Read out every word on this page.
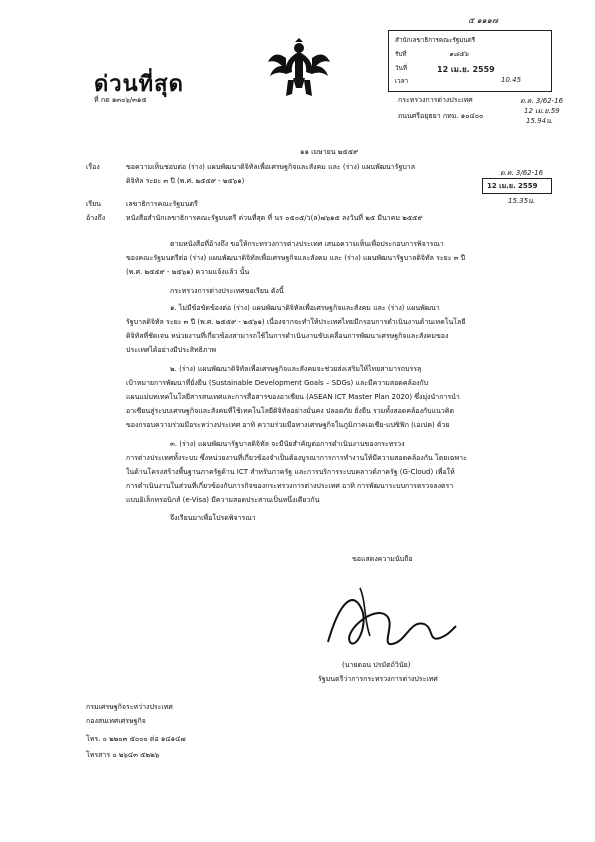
๕ ๑๑๑๗
สำนักเลขาธิการคณะรัฐมนตรี
รับที่	๑๘๕๖
วันที่	12 เม.ย. 2559
เวลา	10.45
ด่วนที่สุด
ที่ กต ๑๓๐๖/๓๑๕	กระทรวงการต่างประเทศ
ถนนศรีอยุธยา กทม. ๑๐๔๐๐
ต.ค. 3/62-16
12 เม.ย.59
15.94น.
๑๑ เมษายน ๒๕๕๙
เรื่อง	ขอความเห็นชอบต่อ (ร่าง) แผนพัฒนาดิจิทัลเพื่อเศรษฐกิจและสังคม และ (ร่าง) แผนพัฒนารัฐบาล
ดิจิทัล ระยะ ๓ ปี (พ.ศ. ๒๕๕๙ - ๒๕๖๑)
ต.ค. 3/62-16
12 เม.ย. 2559
15.35น.
เรียน	เลขาธิการคณะรัฐมนตรี
อ้างถึง	หนังสือสำนักเลขาธิการคณะรัฐมนตรี ด่วนที่สุด ที่ นร ๐๕๐๕/ว(ล)๗๖๑๕ ลงวันที่ ๒๕ มีนาคม ๒๕๕๙
ตามหนังสือที่อ้างถึง ขอให้กระทรวงการต่างประเทศ เสนอความเห็นเพื่อประกอบการพิจารณา
ของคณะรัฐมนตรีต่อ (ร่าง) แผนพัฒนาดิจิทัลเพื่อเศรษฐกิจและสังคม และ (ร่าง) แผนพัฒนารัฐบาลดิจิทัล ระยะ ๓ ปี
(พ.ศ. ๒๕๕๙ - ๒๕๖๑) ความแจ้งแล้ว นั้น
กระทรวงการต่างประเทศขอเรียน ดังนี้
๑. ไม่มีข้อขัดข้องต่อ (ร่าง) แผนพัฒนาดิจิทัลเพื่อเศรษฐกิจและสังคม และ (ร่าง) แผนพัฒนา
รัฐบาลดิจิทัล ระยะ ๓ ปี (พ.ศ. ๒๕๕๙ - ๒๕๖๑) เนื่องจากจะทำให้ประเทศไทยมีกรอบการดำเนินงานด้านเทคโนโลยี
ดิจิทัลที่ชัดเจน หน่วยงานที่เกี่ยวข้องสามารถใช้ในการดำเนินงานขับเคลื่อนการพัฒนาเศรษฐกิจและสังคมของ
ประเทศได้อย่างมีประสิทธิภาพ
๒. (ร่าง) แผนพัฒนาดิจิทัลเพื่อเศรษฐกิจและสังคมจะช่วยส่งเสริมให้ไทยสามารถบรรลุ
เป้าหมายการพัฒนาที่ยั่งยืน (Sustainable Development Goals – SDGs) และมีความสอดคล้องกับ
แผนแม่บทเทคโนโลยีสารสนเทศและการสื่อสารของอาเซียน (ASEAN ICT Master Plan 2020) ซึ่งมุ่งนำการนำ
อาเซียนสู่ระบบเศรษฐกิจและสังคมที่ใช้เทคโนโลยีดิจิทัลอย่างมั่นคง ปลอดภัย ยั่งยืน รวมทั้งสอดคล้องกับแนวคิด
ของกรอบความร่วมมือระหว่างประเทศ อาทิ ความร่วมมือทางเศรษฐกิจในภูมิภาคเอเชีย-แปซิฟิก (เอเปค) ด้วย
๓. (ร่าง) แผนพัฒนารัฐบาลดิจิทัล จะมีนัยสำคัญต่อการดำเนินงานของกระทรวง
การต่างประเทศทั้งระบบ ซึ่งหน่วยงานที่เกี่ยวข้องจำเป็นต้องบูรณาการการทำงานให้มีความสอดคล้องกัน โดยเฉพาะ
ในด้านโครงสร้างพื้นฐานภาครัฐด้าน ICT สำหรับภาครัฐ และการบริการระบบคลาวด์ภาครัฐ (G-Cloud) เพื่อให้
การดำเนินงานในส่วนที่เกี่ยวข้องกับภารกิจของกระทรวงการต่างประเทศ อาทิ การพัฒนาระบบการตรวจลงตรา
แบบอิเล็กทรอนิกส์ (e-Visa) มีความสอดประสานเป็นหนึ่งเดียวกัน
จึงเรียนมาเพื่อโปรดพิจารณา
ขอแสดงความนับถือ
(นายดอน ปรมัตถ์วินัย)
รัฐมนตรีว่าการกระทรวงการต่างประเทศ
กรมเศรษฐกิจระหว่างประเทศ
กองสนเทศเศรษฐกิจ
โทร. ๐ ๒๒๐๓ ๕๐๐๐ ต่อ ๑๔๑๔๗
โทรสาร ๐ ๒๖๔๓ ๕๒๒๖
